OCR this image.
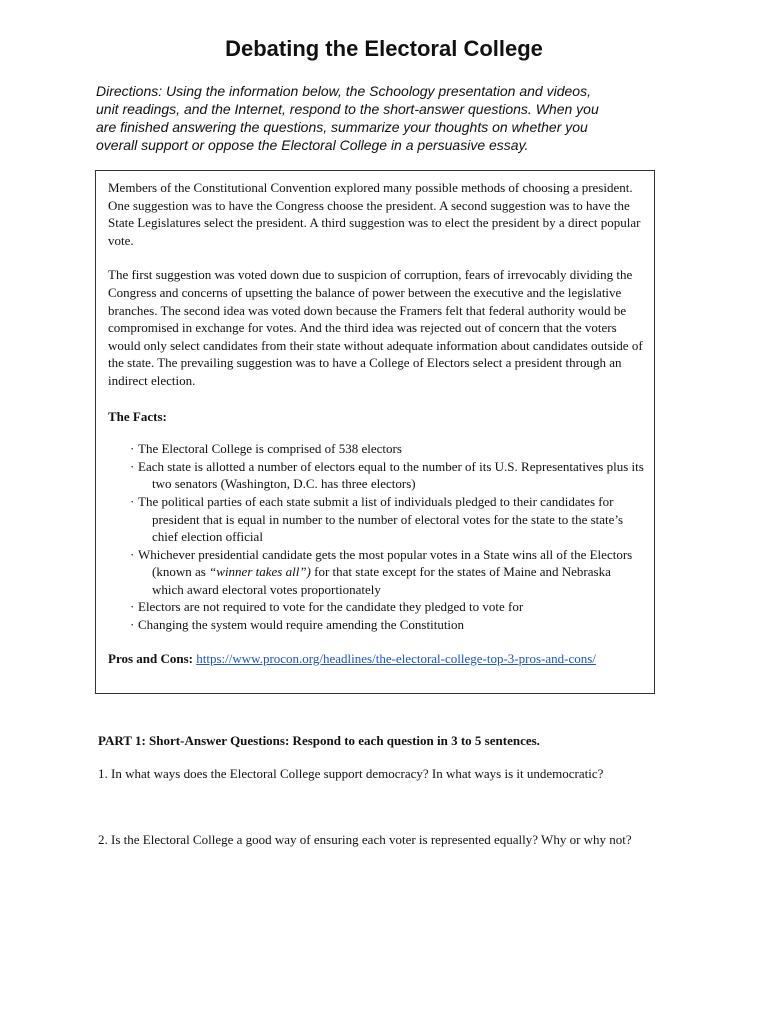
Debating the Electoral College

Directions: Using the information below, the Schoology presentation and videos, unit readings, and the Internet, respond to the short-answer questions. When you are finished answering the questions, summarize your thoughts on whether you overall support or oppose the Electoral College in a persuasive essay.

Members of the Constitutional Convention explored many possible methods of choosing a president. One suggestion was to have the Congress choose the president. A second suggestion was to have the State Legislatures select the president. A third suggestion was to elect the president by a direct popular vote.

The first suggestion was voted down due to suspicion of corruption, fears of irrevocably dividing the Congress and concerns of upsetting the balance of power between the executive and the legislative branches. The second idea was voted down because the Framers felt that federal authority would be compromised in exchange for votes. And the third idea was rejected out of concern that the voters would only select candidates from their state without adequate information about candidates outside of the state. The prevailing suggestion was to have a College of Electors select a president through an indirect election.

The Facts:

· The Electoral College is comprised of 538 electors
· Each state is allotted a number of electors equal to the number of its U.S. Representatives plus its two senators (Washington, D.C. has three electors)
· The political parties of each state submit a list of individuals pledged to their candidates for president that is equal in number to the number of electoral votes for the state to the state’s chief election official
· Whichever presidential candidate gets the most popular votes in a State wins all of the Electors (known as “winner takes all”) for that state except for the states of Maine and Nebraska which award electoral votes proportionately
· Electors are not required to vote for the candidate they pledged to vote for
· Changing the system would require amending the Constitution

Pros and Cons: https://www.procon.org/headlines/the-electoral-college-top-3-pros-and-cons/

PART 1: Short-Answer Questions: Respond to each question in 3 to 5 sentences.

1. In what ways does the Electoral College support democracy? In what ways is it undemocratic?

2. Is the Electoral College a good way of ensuring each voter is represented equally? Why or why not?
